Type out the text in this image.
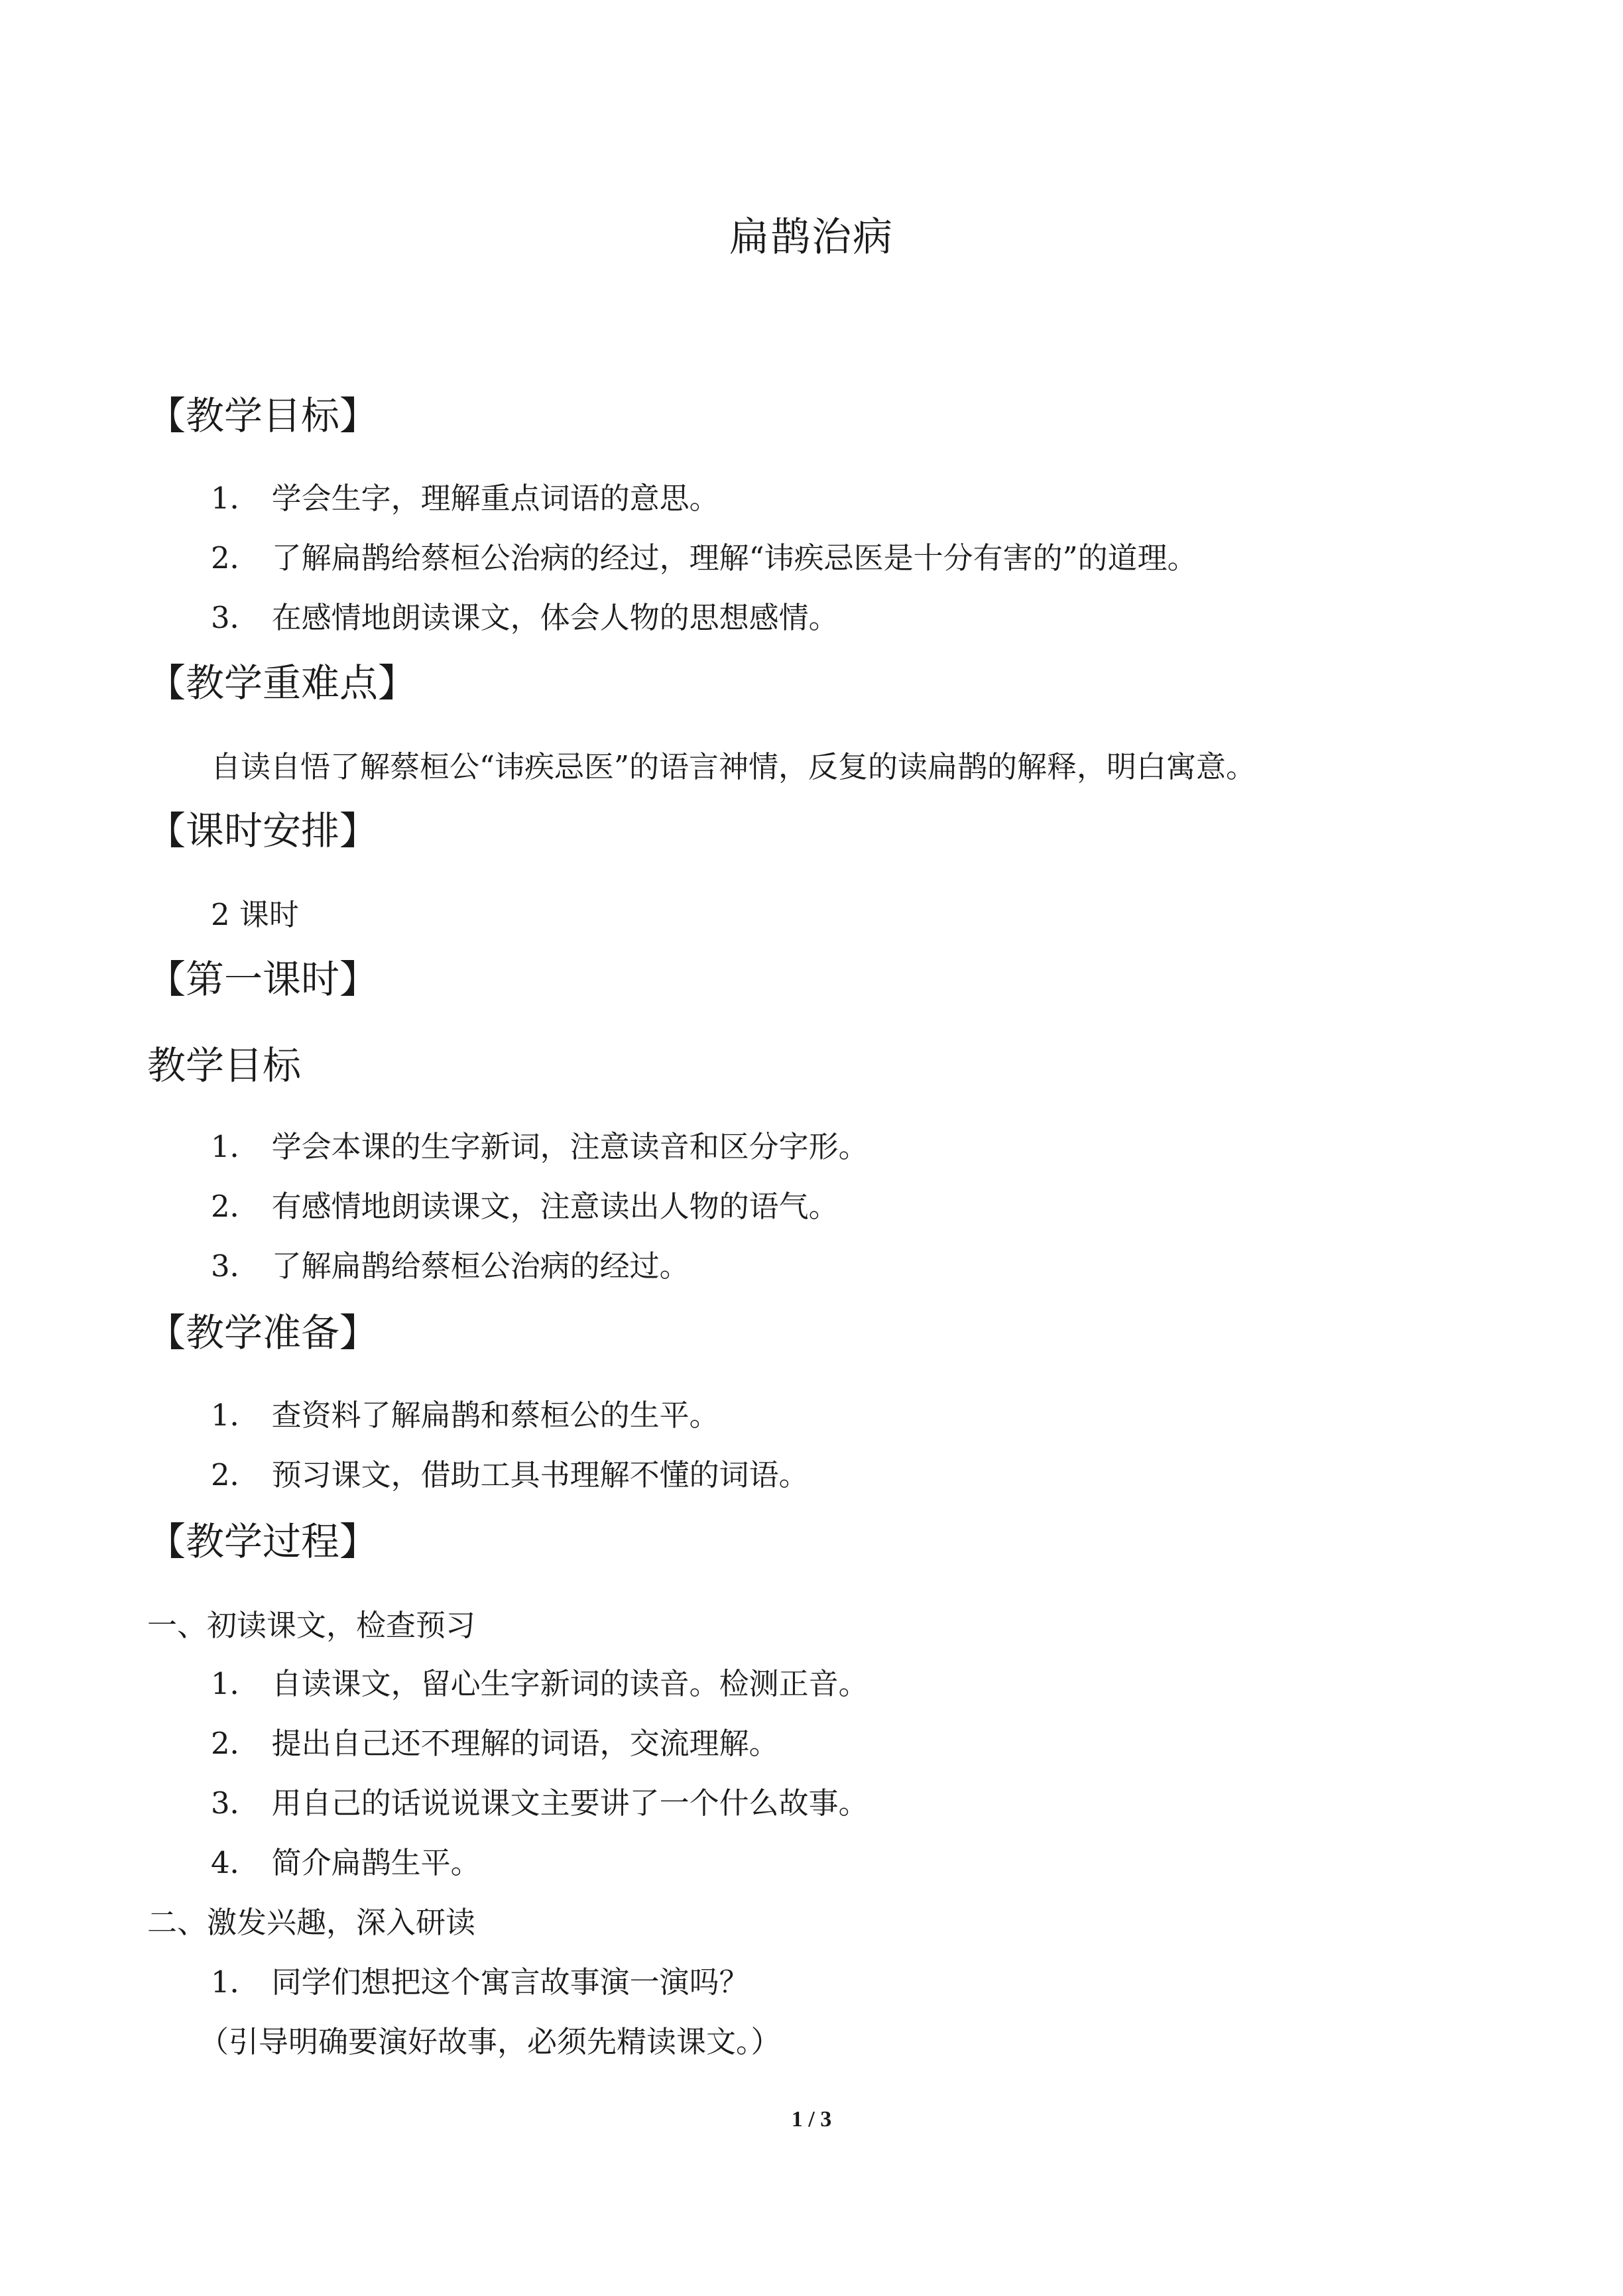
扁鹊治病
【教学目标】
1． 学会生字，理解重点词语的意思。
2． 了解扁鹊给蔡桓公治病的经过，理解“讳疾忌医是十分有害的”的道理。
3． 在感情地朗读课文，体会人物的思想感情。
【教学重难点】
自读自悟了解蔡桓公“讳疾忌医”的语言神情，反复的读扁鹊的解释，明白寓意。
【课时安排】
2 课时
【第一课时】
教学目标
1． 学会本课的生字新词，注意读音和区分字形。
2． 有感情地朗读课文，注意读出人物的语气。
3． 了解扁鹊给蔡桓公治病的经过。
【教学准备】
1． 查资料了解扁鹊和蔡桓公的生平。
2． 预习课文，借助工具书理解不懂的词语。
【教学过程】
一、初读课文，检查预习
1． 自读课文，留心生字新词的读音。检测正音。
2． 提出自己还不理解的词语，交流理解。
3． 用自己的话说说课文主要讲了一个什么故事。
4． 简介扁鹊生平。
二、激发兴趣，深入研读
1． 同学们想把这个寓言故事演一演吗？
（引导明确要演好故事，必须先精读课文。）
1 / 3
